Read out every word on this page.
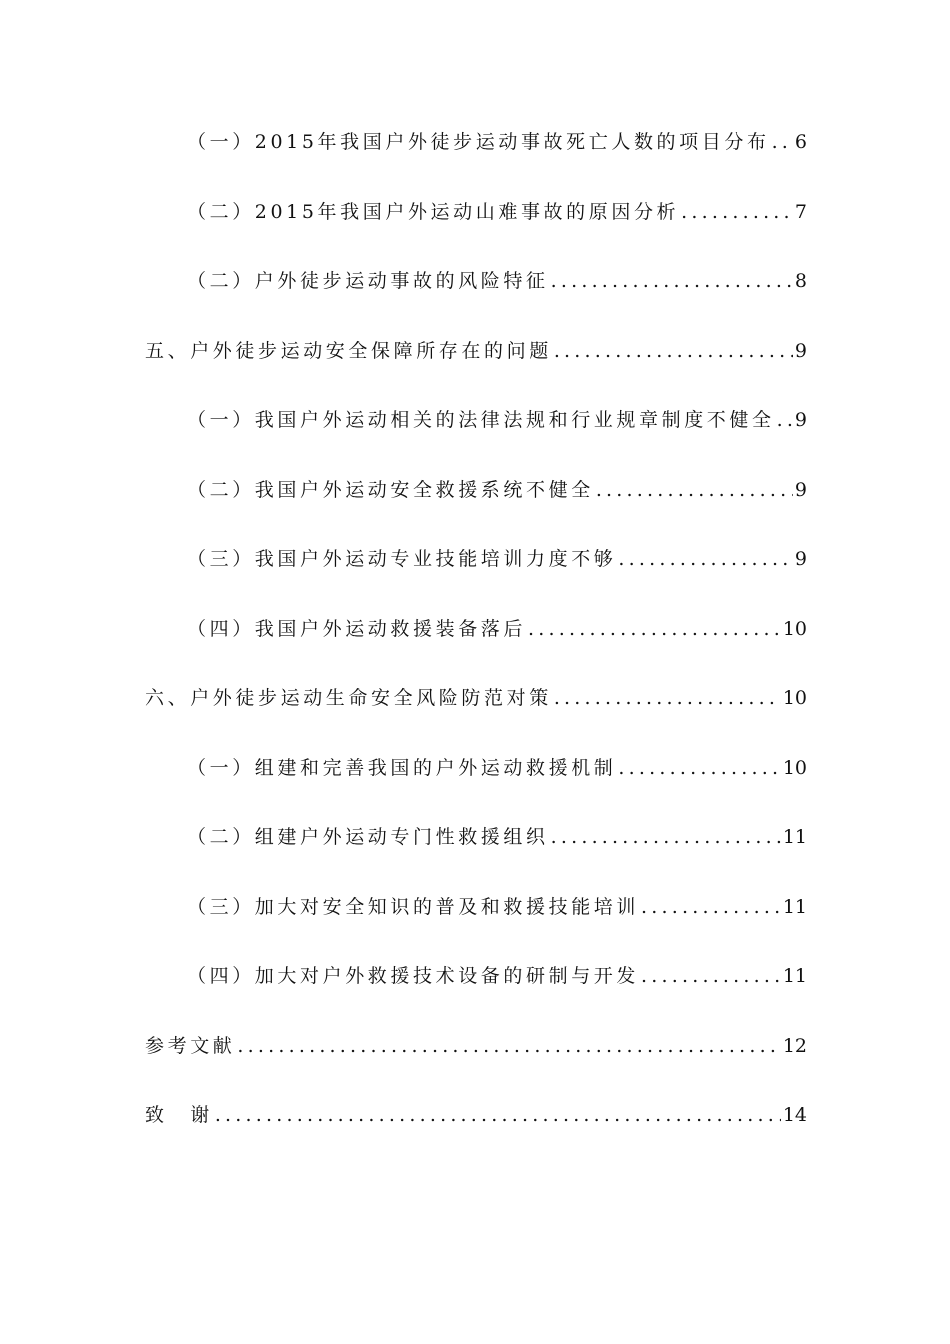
（一）2015年我国户外徒步运动事故死亡人数的项目分布 ..... 6
（二）2015年我国户外运动山难事故的原因分析 .....	7
（二）户外徒步运动事故的风险特征 .....	8
五、户外徒步运动安全保障所存在的问题 .....	9
（一）我国户外运动相关的法律法规和行业规章制度不健全 ..... 9
（二）我国户外运动安全救援系统不健全 .....	9
（三）我国户外运动专业技能培训力度不够 .....	9
（四）我国户外运动救援装备落后 .....	10
六、户外徒步运动生命安全风险防范对策 .....	10
（一）组建和完善我国的户外运动救援机制 .....	10
（二）组建户外运动专门性救援组织 .....	11
（三）加大对安全知识的普及和救援技能培训 .....	11
（四）加大对户外救援技术设备的研制与开发 .....	11
参考文献 .....	12
致　谢 .....	14
